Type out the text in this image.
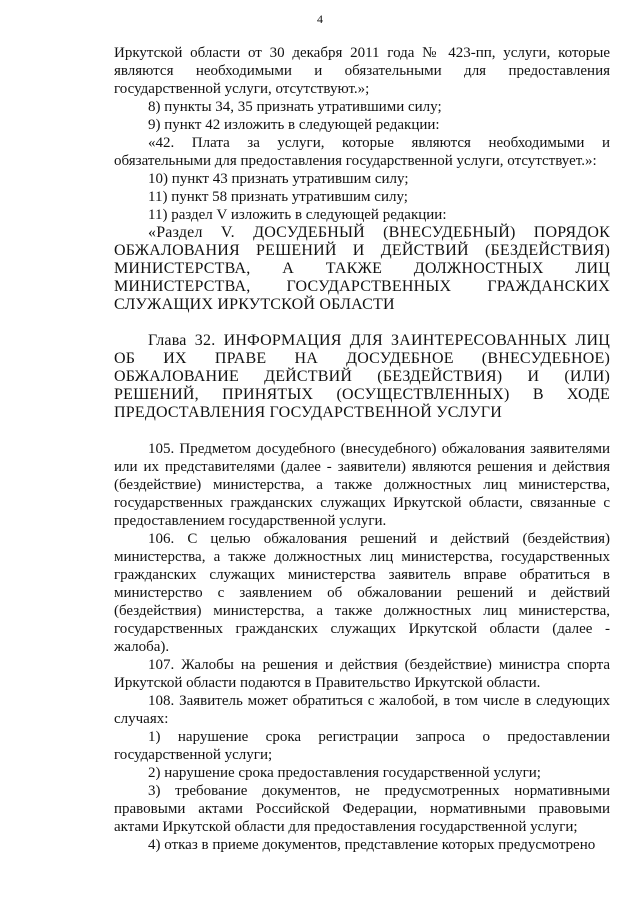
4

Иркутской области от 30 декабря 2011 года № 423-пп, услуги, которые являются необходимыми и обязательными для предоставления государственной услуги, отсутствуют.»;

8) пункты 34, 35 признать утратившими силу;

9) пункт 42 изложить в следующей редакции:

«42. Плата за услуги, которые являются необходимыми и обязательными для предоставления государственной услуги, отсутствует.»:

10) пункт 43 признать утратившим силу;

11) пункт 58 признать утратившим силу;

11) раздел V изложить в следующей редакции:

«Раздел V. ДОСУДЕБНЫЙ (ВНЕСУДЕБНЫЙ) ПОРЯДОК ОБЖАЛОВАНИЯ РЕШЕНИЙ И ДЕЙСТВИЙ (БЕЗДЕЙСТВИЯ) МИНИСТЕРСТВА, А ТАКЖЕ ДОЛЖНОСТНЫХ ЛИЦ МИНИСТЕРСТВА, ГОСУДАРСТВЕННЫХ ГРАЖДАНСКИХ СЛУЖАЩИХ ИРКУТСКОЙ ОБЛАСТИ

Глава 32. ИНФОРМАЦИЯ ДЛЯ ЗАИНТЕРЕСОВАННЫХ ЛИЦ ОБ ИХ ПРАВЕ НА ДОСУДЕБНОЕ (ВНЕСУДЕБНОЕ) ОБЖАЛОВАНИЕ ДЕЙСТВИЙ (БЕЗДЕЙСТВИЯ) И (ИЛИ) РЕШЕНИЙ, ПРИНЯТЫХ (ОСУЩЕСТВЛЕННЫХ) В ХОДЕ ПРЕДОСТАВЛЕНИЯ ГОСУДАРСТВЕННОЙ УСЛУГИ

105. Предметом досудебного (внесудебного) обжалования заявителями или их представителями (далее - заявители) являются решения и действия (бездействие) министерства, а также должностных лиц министерства, государственных гражданских служащих Иркутской области, связанные с предоставлением государственной услуги.

106. С целью обжалования решений и действий (бездействия) министерства, а также должностных лиц министерства, государственных гражданских служащих министерства заявитель вправе обратиться в министерство с заявлением об обжаловании решений и действий (бездействия) министерства, а также должностных лиц министерства, государственных гражданских служащих Иркутской области (далее - жалоба).

107. Жалобы на решения и действия (бездействие) министра спорта Иркутской области подаются в Правительство Иркутской области.

108. Заявитель может обратиться с жалобой, в том числе в следующих случаях:

1) нарушение срока регистрации запроса о предоставлении государственной услуги;

2) нарушение срока предоставления государственной услуги;

3) требование документов, не предусмотренных нормативными правовыми актами Российской Федерации, нормативными правовыми актами Иркутской области для предоставления государственной услуги;

4) отказ в приеме документов, представление которых предусмотрено
